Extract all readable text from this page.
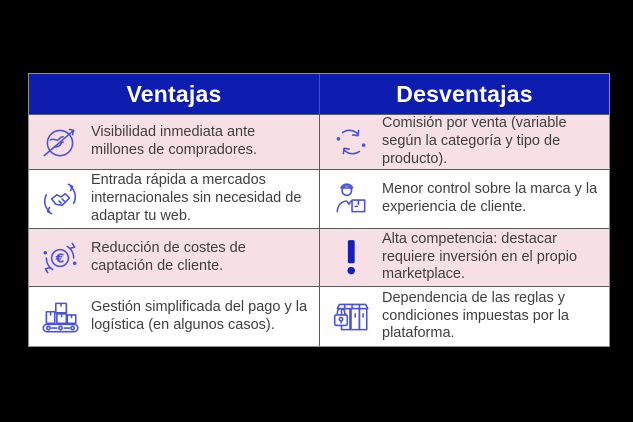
Ventajas	Desventajas
Visibilidad inmediata ante millones de compradores.
Comisión por venta (variable según la categoría y tipo de producto).
Entrada rápida a mercados internacionales sin necesidad de adaptar tu web.
Menor control sobre la marca y la experiencia de cliente.
€
Reducción de costes de captación de cliente.
Alta competencia: destacar requiere inversión en el propio marketplace.
Gestión simplificada del pago y la logística (en algunos casos).
Dependencia de las reglas y condiciones impuestas por la plataforma.
